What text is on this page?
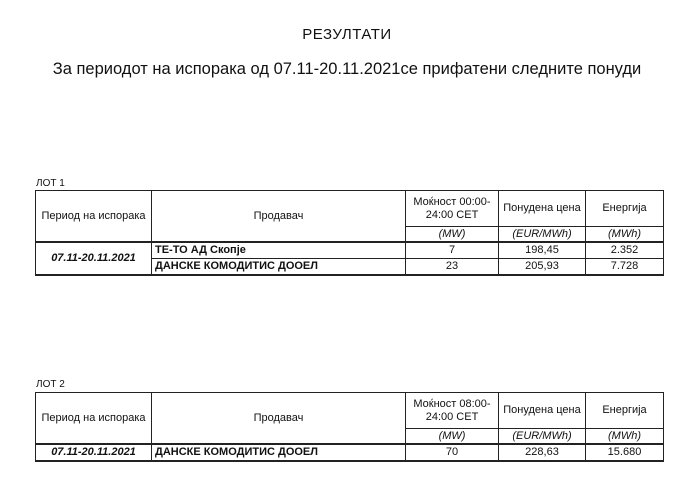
РЕЗУЛТАТИ
За периодот на испорака од 07.11-20.11.2021се прифатени следните понуди
ЛОТ 1
Период на испорака	Продавач	Моќност 00:00-24:00 CET	Понудена цена	Енергија
		(MW)	(EUR/MWh)	(MWh)
07.11-20.11.2021	ТЕ-ТО АД Скопје	7	198,45	2.352
	ДАНСКЕ КОМОДИТИС ДООЕЛ	23	205,93	7.728
ЛОТ 2
Период на испорака	Продавач	Моќност 08:00-24:00 CET	Понудена цена	Енергија
		(MW)	(EUR/MWh)	(MWh)
07.11-20.11.2021	ДАНСКЕ КОМОДИТИС ДООЕЛ	70	228,63	15.680
